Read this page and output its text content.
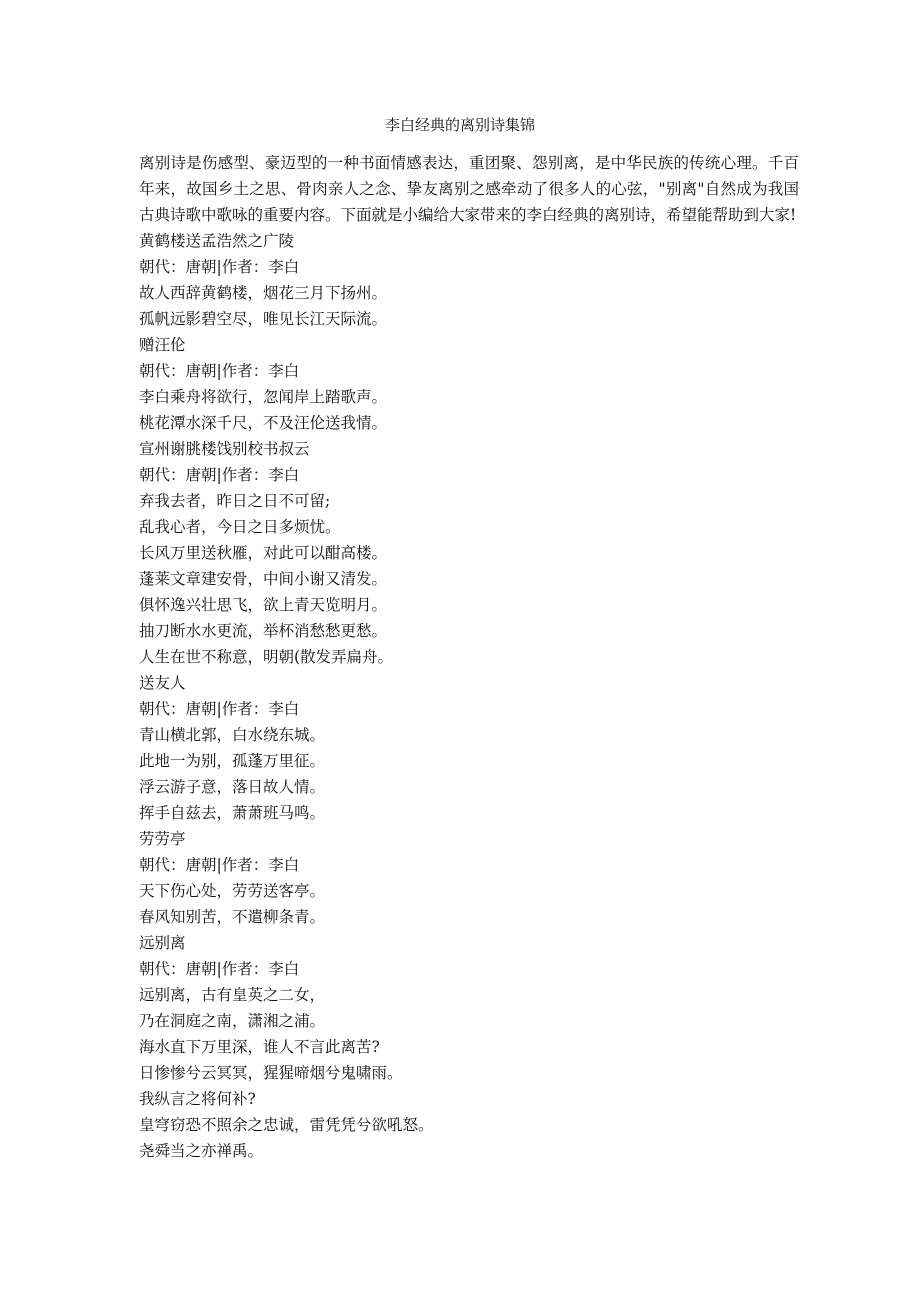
李白经典的离别诗集锦

离别诗是伤感型、豪迈型的一种书面情感表达，重团聚、怨别离，是中华民族的传统心理。千百年来，故国乡土之思、骨肉亲人之念、挚友离别之感牵动了很多人的心弦，"别离"自然成为我国古典诗歌中歌咏的重要内容。下面就是小编给大家带来的李白经典的离别诗，希望能帮助到大家!

黄鹤楼送孟浩然之广陵
朝代：唐朝|作者：李白
故人西辞黄鹤楼，烟花三月下扬州。
孤帆远影碧空尽，唯见长江天际流。
赠汪伦
朝代：唐朝|作者：李白
李白乘舟将欲行，忽闻岸上踏歌声。
桃花潭水深千尺，不及汪伦送我情。
宣州谢朓楼饯别校书叔云
朝代：唐朝|作者：李白
弃我去者，昨日之日不可留;
乱我心者，今日之日多烦忧。
长风万里送秋雁，对此可以酣高楼。
蓬莱文章建安骨，中间小谢又清发。
俱怀逸兴壮思飞，欲上青天览明月。
抽刀断水水更流，举杯消愁愁更愁。
人生在世不称意，明朝(散发弄扁舟。
送友人
朝代：唐朝|作者：李白
青山横北郭，白水绕东城。
此地一为别，孤蓬万里征。
浮云游子意，落日故人情。
挥手自兹去，萧萧班马鸣。
劳劳亭
朝代：唐朝|作者：李白
天下伤心处，劳劳送客亭。
春风知别苦，不遣柳条青。
远别离
朝代：唐朝|作者：李白
远别离，古有皇英之二女，
乃在洞庭之南，潇湘之浦。
海水直下万里深，谁人不言此离苦?
日惨惨兮云冥冥，猩猩啼烟兮鬼啸雨。
我纵言之将何补?
皇穹窃恐不照余之忠诚，雷凭凭兮欲吼怒。
尧舜当之亦禅禹。
